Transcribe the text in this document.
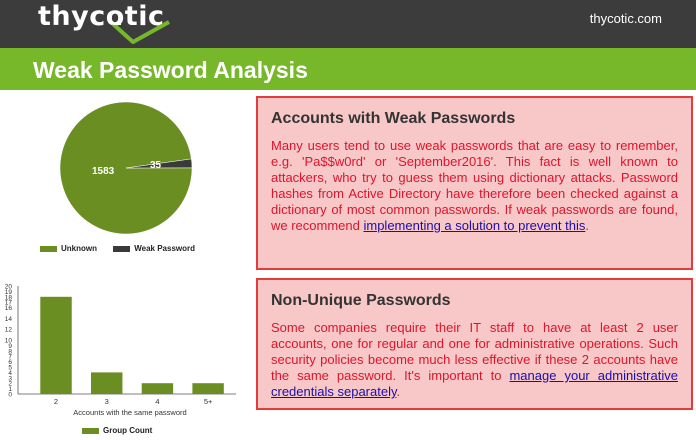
thycotic	thycotic.com
Weak Password Analysis
1583
35
Unknown	Weak Password
0
1
2
3
4
5
6
7
8
9
10
12
14
16
17
18
19
20
2	3	4	5+
Accounts with the same password
Group Count
Accounts with Weak Passwords

Many users tend to use weak passwords that are easy to remember, e.g. 'Pa$$w0rd' or 'September2016'. This fact is well known to attackers, who try to guess them using dictionary attacks. Password hashes from Active Directory have therefore been checked against a dictionary of most common passwords. If weak passwords are found, we recommend implementing a solution to prevent this.

Non-Unique Passwords

Some companies require their IT staff to have at least 2 user accounts, one for regular and one for administrative operations. Such security policies become much less effective if these 2 accounts have the same password. It's important to manage your administrative credentials separately.
